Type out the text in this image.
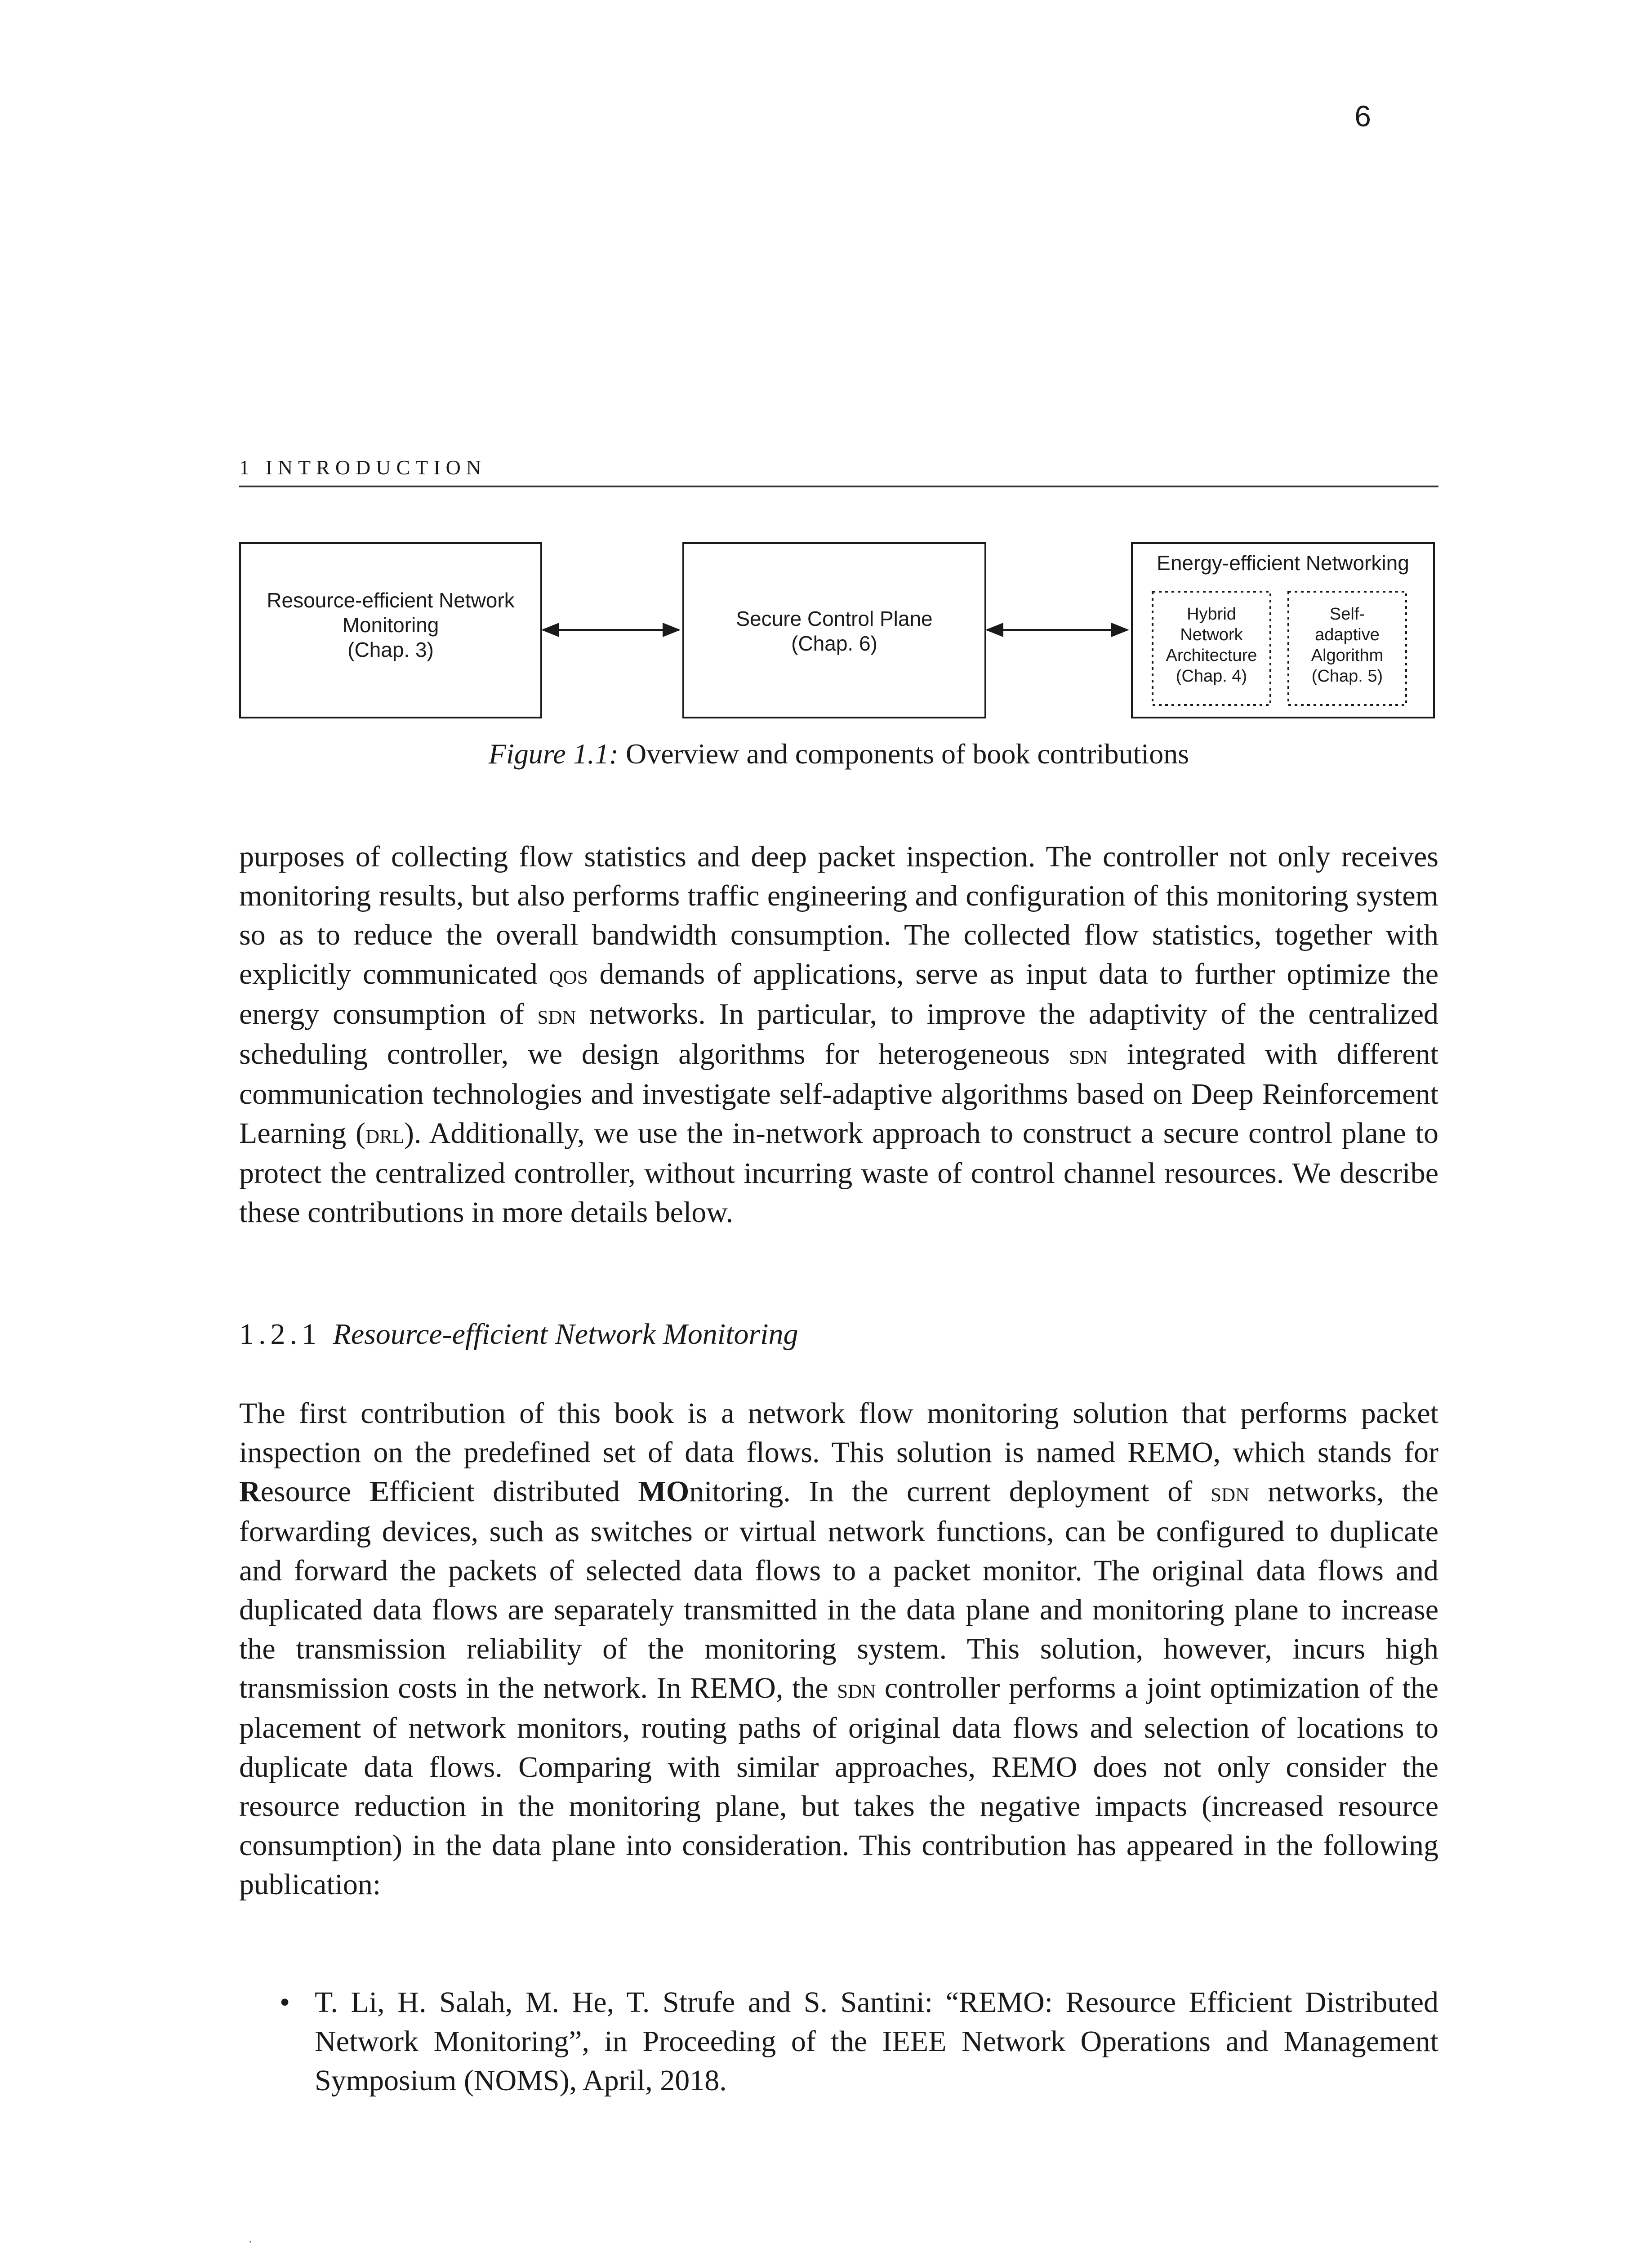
6
1 INTRODUCTION
Resource-efficient Network
Monitoring
(Chap. 3)
Secure Control Plane
(Chap. 6)
Energy-efficient Networking
Hybrid
Network
Architecture
(Chap. 4)
Self-
adaptive
Algorithm
(Chap. 5)
Figure 1.1: Overview and components of book contributions
purposes of collecting flow statistics and deep packet inspection. The controller not only receives monitoring results, but also performs traffic engineering and configuration of this monitoring system so as to reduce the overall bandwidth consumption. The collected flow statistics, together with explicitly communicated qos demands of applications, serve as input data to further optimize the energy consumption of sdn networks. In particular, to improve the adaptivity of the centralized scheduling controller, we design algorithms for heterogeneous sdn integrated with different communication technologies and investigate self-adaptive algorithms based on Deep Reinforcement Learning (drl). Additionally, we use the in-network approach to construct a secure control plane to protect the centralized controller, without incurring waste of control channel resources. We describe these contributions in more details below.
1.2.1 Resource-efficient Network Monitoring
The first contribution of this book is a network flow monitoring solution that performs packet inspection on the predefined set of data flows. This solution is named REMO, which stands for Resource Efficient distributed MOnitoring. In the current deployment of sdn networks, the forwarding devices, such as switches or virtual network functions, can be configured to duplicate and forward the packets of selected data flows to a packet monitor. The original data flows and duplicated data flows are separately transmitted in the data plane and monitoring plane to increase the transmission reliability of the monitoring system. This solution, however, incurs high transmission costs in the network. In REMO, the sdn controller performs a joint optimization of the placement of network monitors, routing paths of original data flows and selection of locations to duplicate data flows. Comparing with similar approaches, REMO does not only consider the resource reduction in the monitoring plane, but takes the negative impacts (increased resource consumption) in the data plane into consideration. This contribution has appeared in the following publication:
• T. Li, H. Salah, M. He, T. Strufe and S. Santini: “REMO: Resource Efficient Distributed Network Monitoring”, in Proceeding of the IEEE Network Operations and Management Symposium (NOMS), April, 2018.
·
